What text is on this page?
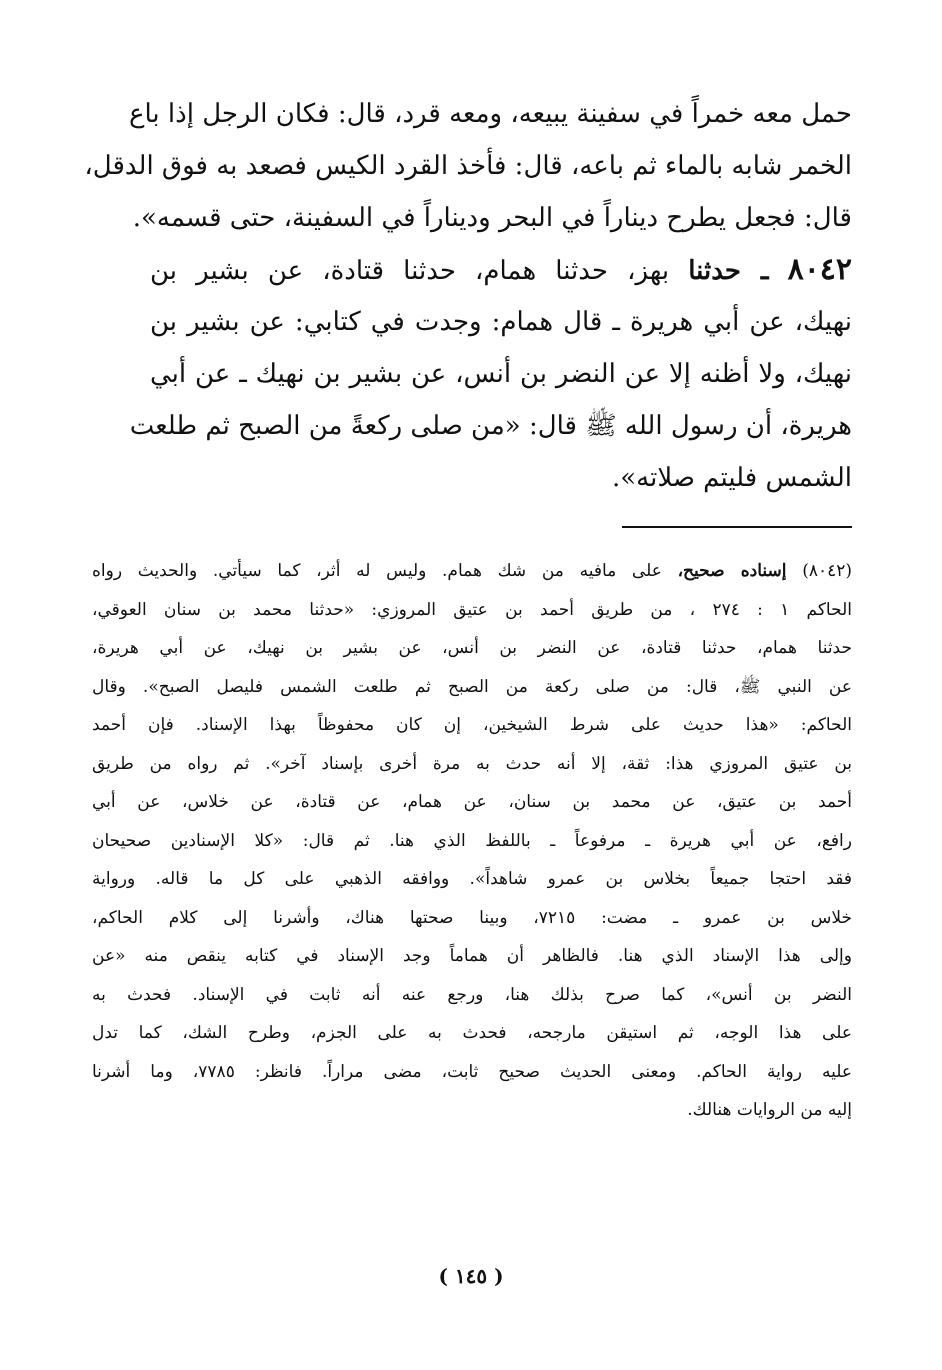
حمل معه خمراً في سفينة يبيعه، ومعه قرد، قال: فكان الرجل إذا باع
الخمر شابه بالماء ثم باعه، قال: فأخذ القرد الكيس فصعد به فوق الدقل،
قال: فجعل يطرح ديناراً في البحر وديناراً في السفينة، حتى قسمه».
٨٠٤٢ ـ حدثنا بهز، حدثنا همام، حدثنا قتادة، عن بشير بن
نهيك، عن أبي هريرة ـ قال همام: وجدت في كتابي: عن بشير بن
نهيك، ولا أظنه إلا عن النضر بن أنس، عن بشير بن نهيك ـ عن أبي
هريرة، أن رسول الله ﷺ قال: «من صلى ركعةً من الصبح ثم طلعت
الشمس فليتم صلاته».
(٨٠٤٢) إسناده صحيح، على مافيه من شك همام. وليس له أثر، كما سيأتي. والحديث رواه
الحاكم ١ : ٢٧٤ ، من طريق أحمد بن عتيق المروزي: «حدثنا محمد بن سنان العوقي،
حدثنا همام، حدثنا قتادة، عن النضر بن أنس، عن بشير بن نهيك، عن أبي هريرة،
عن النبي ﷺ، قال: من صلى ركعة من الصبح ثم طلعت الشمس فليصل الصبح». وقال
الحاكم: «هذا حديث على شرط الشيخين، إن كان محفوظاً بهذا الإسناد. فإن أحمد
بن عتيق المروزي هذا: ثقة، إلا أنه حدث به مرة أخرى بإسناد آخر». ثم رواه من طريق
أحمد بن عتيق، عن محمد بن سنان، عن همام، عن قتادة، عن خلاس، عن أبي
رافع، عن أبي هريرة ـ مرفوعاً ـ باللفظ الذي هنا. ثم قال: «كلا الإسنادين صحيحان
فقد احتجا جميعاً بخلاس بن عمرو شاهداً». ووافقه الذهبي على كل ما قاله. ورواية
خلاس بن عمرو ـ مضت: ٧٢١٥، وبينا صحتها هناك، وأشرنا إلى كلام الحاكم،
وإلى هذا الإسناد الذي هنا. فالظاهر أن هماماً وجد الإسناد في كتابه ينقص منه «عن
النضر بن أنس»، كما صرح بذلك هنا، ورجع عنه أنه ثابت في الإسناد. فحدث به
على هذا الوجه، ثم استيقن مارجحه، فحدث به على الجزم، وطرح الشك، كما تدل
عليه رواية الحاكم. ومعنى الحديث صحيح ثابت، مضى مراراً. فانظر: ٧٧٨٥، وما أشرنا
إليه من الروايات هنالك.
( ١٤٥ )
